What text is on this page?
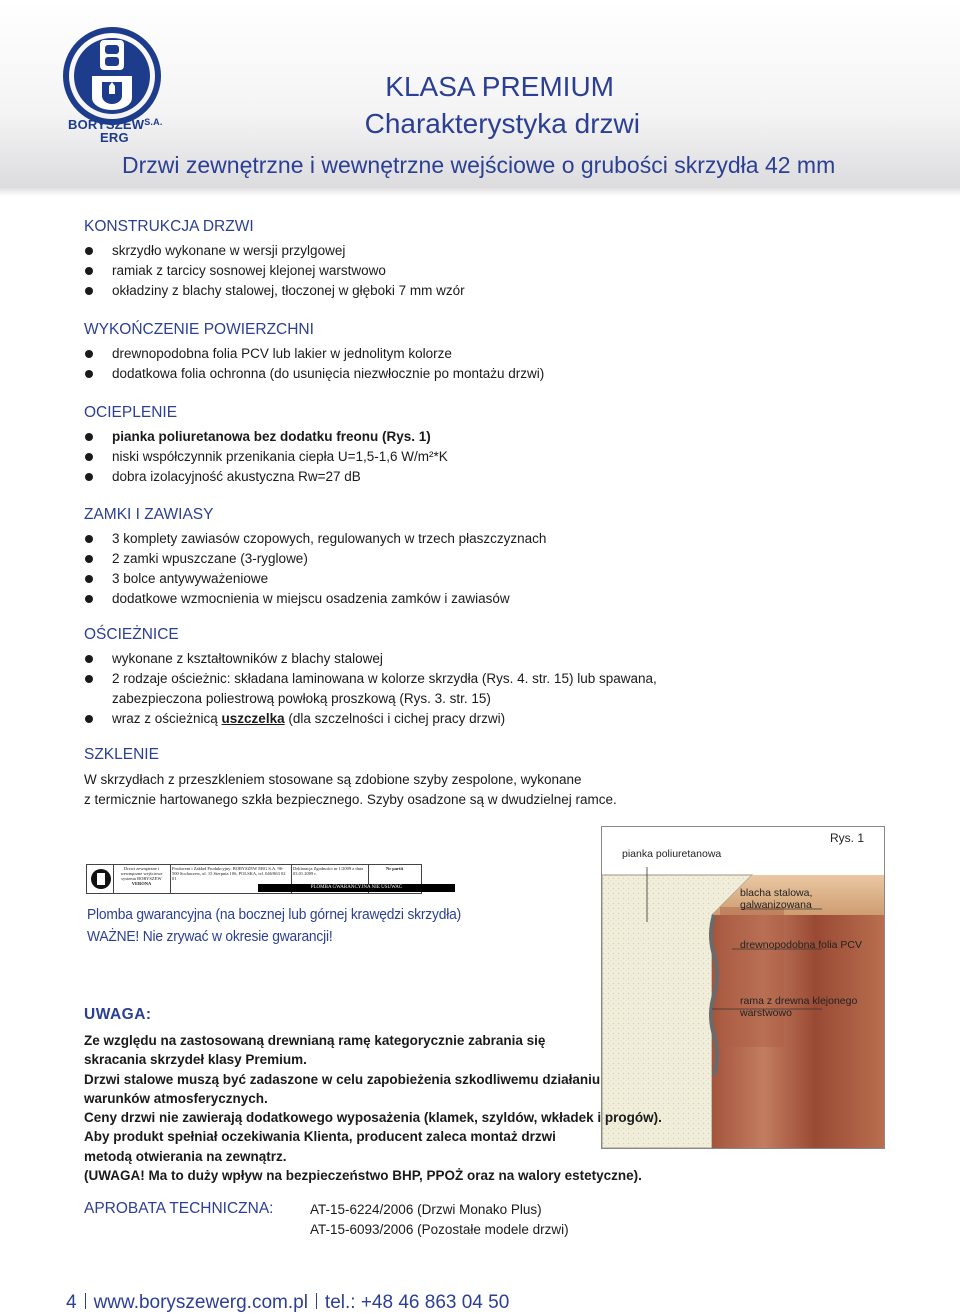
$BORYSZEW^{S.A.}$
ERG
KLASA PREMIUM
Charakterystyka drzwi
Drzwi zewnętrzne i wewnętrzne wejściowe o grubości skrzydła 42 mm
KONSTRUKCJA DRZWI
skrzydło wykonane w wersji przylgowej
ramiak z tarcicy sosnowej klejonej warstwowo
okładziny z blachy stalowej, tłoczonej w głęboki 7 mm wzór
WYKOŃCZENIE POWIERZCHNI
drewnopodobna folia PCV lub lakier w jednolitym kolorze
dodatkowa folia ochronna (do usunięcia niezwłocznie po montażu drzwi)
OCIEPLENIE
pianka poliuretanowa bez dodatku freonu (Rys. 1)
niski współczynnik przenikania ciepła U=1,5-1,6 W/m²*K
dobra izolacyjność akustyczna Rw=27 dB
ZAMKI I ZAWIASY
3 komplety zawiasów czopowych, regulowanych w trzech płaszczyznach
2 zamki wpuszczane (3-ryglowe)
3 bolce antywyważeniowe
dodatkowe wzmocnienia w miejscu osadzenia zamków i zawiasów
OŚCIEŻNICE
wykonane z kształtowników z blachy stalowej
2 rodzaje ościeżnic: składana laminowana w kolorze skrzydła (Rys. 4. str. 15) lub spawana,
zabezpieczona poliestrową powłoką proszkową (Rys. 3. str. 15)
wraz z ościeżnicą uszczelka (dla szczelności i cichej pracy drzwi)
SZKLENIE
W skrzydłach z przeszkleniem stosowane są zdobione szyby zespolone, wykonane
z termicznie hartowanego szkła bezpiecznego. Szyby osadzone są w dwudzielnej ramce.
Drzwi zewnętrzne i wewnętrzne wejściowe systemu BORYSZEW
VERONA
Producent i Zakład Produkcyjny: BORYSZEW ERG S.A. 96-500 Sochaczew, ul. 15 Sierpnia 106, POLSKA, tel. 046/863 02 01
Deklaracja Zgodności nr 1/2009 z dnia 03.01.2009 r.
Nr partii
PLOMBA GWARANCYJNA NIE USUWAĆ
Plomba gwarancyjna (na bocznej lub górnej krawędzi skrzydła)
WAŻNE! Nie zrywać w okresie gwarancji!
Rys. 1
pianka poliuretanowa
blacha stalowa,
galwanizowana
drewnopodobna folia PCV
rama z drewna klejonego
warstwowo
UWAGA:
Ze względu na zastosowaną drewnianą ramę kategorycznie zabrania się
skracania skrzydeł klasy Premium.
Drzwi stalowe muszą być zadaszone w celu zapobieżenia szkodliwemu działaniu
warunków atmosferycznych.
Ceny drzwi nie zawierają dodatkowego wyposażenia (klamek, szyldów, wkładek i progów).
Aby produkt spełniał oczekiwania Klienta, producent zaleca montaż drzwi
metodą otwierania na zewnątrz.
(UWAGA! Ma to duży wpływ na bezpieczeństwo BHP, PPOŻ oraz na walory estetyczne).
APROBATA TECHNICZNA:	AT-15-6224/2006 (Drzwi Monako Plus)
AT-15-6093/2006 (Pozostałe modele drzwi)
4 www.boryszewerg.com.pl tel.: +48 46 863 04 50
